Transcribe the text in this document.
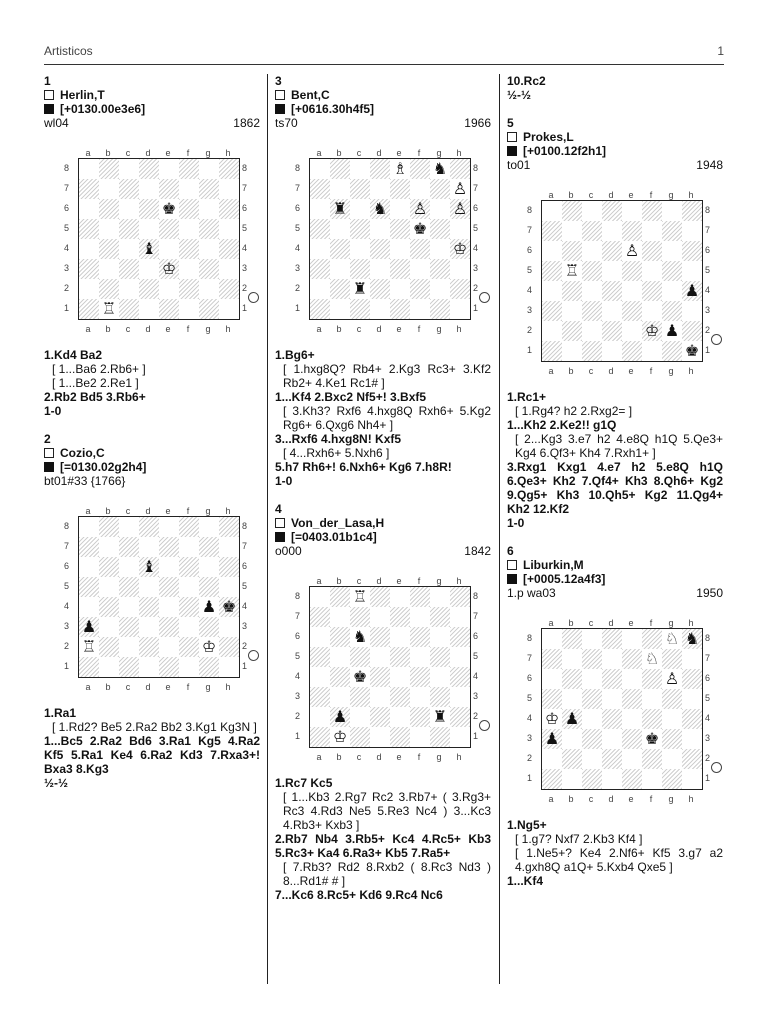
Artisticos	1
1
Herlin,T
[+0130.00e3e6]
wl04	1862
a	b	c	d	e	f	g	h
a	b	c	d	e	f	g	h
8
7
6
5
4
3
2
1
8
7
6
5
4
3
2
1
♚
♝
♔
♖
1.Kd4 Ba2
[ 1...Ba6 2.Rb6+ ]
[ 1...Be2 2.Re1 ]
2.Rb2 Bd5 3.Rb6+
1-0
2
Cozio,C
[=0130.02g2h4]
bt01#33 {1766}
a	b	c	d	e	f	g	h
a	b	c	d	e	f	g	h
8
7
6
5
4
3
2
1
8
7
6
5
4
3
2
1
♝
♟ ♚
♟
♖	♔
1.Ra1
[ 1.Rd2? Be5 2.Ra2 Bb2 3.Kg1 Kg3N ]
1...Bc5 2.Ra2 Bd6 3.Ra1 Kg5 4.Ra2 Kf5 5.Ra1 Ke4 6.Ra2 Kd3 7.Rxa3+! Bxa3 8.Kg3
½-½
3
Bent,C
[+0616.30h4f5]
ts70	1966
a	b	c	d	e	f	g	h
a	b	c	d	e	f	g	h
8
7
6
5
4
3
2
1
8
7
6
5
4
3
2
1
♗ ♞
♙
♜ ♞ ♙ ♙
♚
♔
♜
1.Bg6+
[ 1.hxg8Q? Rb4+ 2.Kg3 Rc3+ 3.Kf2 Rb2+ 4.Ke1 Rc1# ]
1...Kf4 2.Bxc2 Nf5+! 3.Bxf5
[ 3.Kh3? Rxf6 4.hxg8Q Rxh6+ 5.Kg2 Rg6+ 6.Qxg6 Nh4+ ]
3...Rxf6 4.hxg8N! Kxf5
[ 4...Rxh6+ 5.Nxh6 ]
5.h7 Rh6+! 6.Nxh6+ Kg6 7.h8R!
1-0
4
Von_der_Lasa,H
[=0403.01b1c4]
o000	1842
a	b	c	d	e	f	g	h
a	b	c	d	e	f	g	h
8
7
6
5
4
3
2
1
8
7
6
5
4
3
2
1
♖
♞
♚
♟	♜
♔
1.Rc7 Kc5
[ 1...Kb3 2.Rg7 Rc2 3.Rb7+ ( 3.Rg3+ Rc3 4.Rd3 Ne5 5.Re3 Nc4 ) 3...Kc3 4.Rb3+ Kxb3 ]
2.Rb7 Nb4 3.Rb5+ Kc4 4.Rc5+ Kb3 5.Rc3+ Ka4 6.Ra3+ Kb5 7.Ra5+
[ 7.Rb3? Rd2 8.Rxb2 ( 8.Rc3 Nd3 ) 8...Rd1# # ]
7...Kc6 8.Rc5+ Kd6 9.Rc4 Nc6
10.Rc2
½-½
5
Prokes,L
[+0100.12f2h1]
to01	1948
a	b	c	d	e	f	g	h
a	b	c	d	e	f	g	h
8
7
6
5
4
3
2
1
8
7
6
5
4
3
2
1
♙
♖
♟
♔ ♟
♚
1.Rc1+
[ 1.Rg4? h2 2.Rxg2= ]
1...Kh2 2.Ke2!! g1Q
[ 2...Kg3 3.e7 h2 4.e8Q h1Q 5.Qe3+ Kg4 6.Qf3+ Kh4 7.Rxh1+ ]
3.Rxg1 Kxg1 4.e7 h2 5.e8Q h1Q 6.Qe3+ Kh2 7.Qf4+ Kh3 8.Qh6+ Kg2 9.Qg5+ Kh3 10.Qh5+ Kg2 11.Qg4+ Kh2 12.Kf2
1-0
6
Liburkin,M
[+0005.12a4f3]
1.p wa03	1950
a	b	c	d	e	f	g	h
a	b	c	d	e	f	g	h
8
7
6
5
4
3
2
1
8
7
6
5
4
3
2
1
♘ ♞
♘
♙
♔ ♟
♟	♚
1.Ng5+
[ 1.g7? Nxf7 2.Kb3 Kf4 ]
[ 1.Ne5+? Ke4 2.Nf6+ Kf5 3.g7 a2 4.gxh8Q a1Q+ 5.Kxb4 Qxe5 ]
1...Kf4
